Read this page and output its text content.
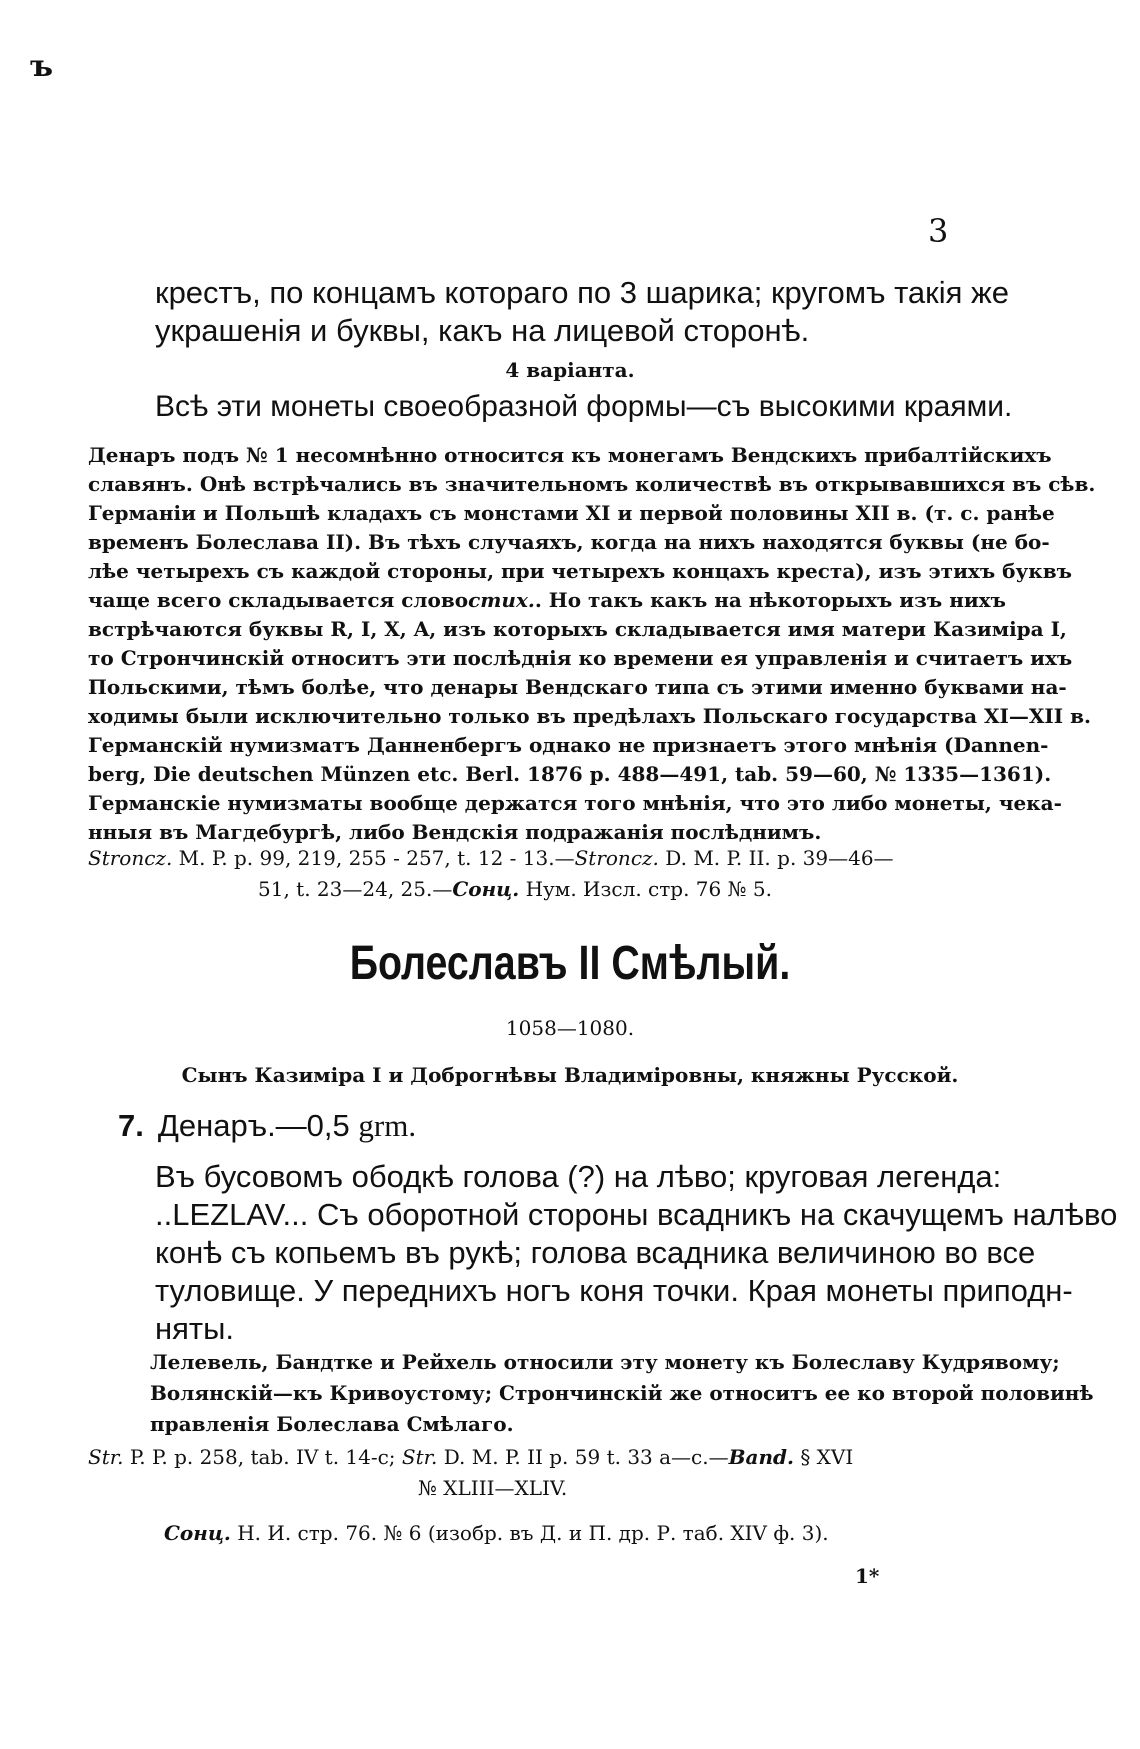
ъ
3
крестъ, по концамъ котораго по 3 шарика; кругомъ такія же
украшенія и буквы, какъ на лицевой сторонѣ.
4 варіанта.
Всѣ эти монеты своеобразной формы—съ высокими краями.
Денаръ подъ № 1 несомнѣнно относится къ монегамъ Вендскихъ прибалтійскихъ
славянъ. Онѣ встрѣчались въ значительномъ количествѣ въ открывавшихся въ сѣв.
Германіи и Польшѣ кладахъ съ монстами XI и первой половины XII в. (т. с. ранѣе
временъ Болеслава II). Въ тѣхъ случаяхъ, когда на нихъ находятся буквы (не бо-
лѣе четырехъ съ каждой стороны, при четырехъ концахъ креста), изъ этихъ буквъ
чаще всего складывается слово стих.. Но такъ какъ на нѣкоторыхъ изъ нихъ
встрѣчаются буквы R, I, X, A, изъ которыхъ складывается имя матери Казиміра I,
то Стрончинскій относитъ эти послѣднія ко времени ея управленія и считаетъ ихъ
Польскими, тѣмъ болѣе, что денары Вендскаго типа съ этими именно буквами на-
ходимы были исключительно только въ предѣлахъ Польскаго государства XI—XII в.
Германскій нумизматъ Данненбергъ однако не признаетъ этого мнѣнія (Dannen-
berg, Die deutschen Münzen etc. Berl. 1876 p. 488—491, tab. 59—60, № 1335—1361).
Германскіе нумизматы вообще держатся того мнѣнія, что это либо монеты, чека-
нныя въ Магдебургѣ, либо Вендскія подражанія послѣднимъ.
Stroncz. M. P. p. 99, 219, 255 - 257, t. 12 - 13.—Stroncz. D. M. P. II. p. 39—46—
51, t. 23—24, 25.—Сонц. Нум. Изсл. стр. 76 № 5.
Болеславъ II Смѣлый.
1058—1080.
Сынъ Казиміра I и Доброгнѣвы Владиміровны, княжны Русской.
7. Денаръ.—0,5 grm.
Въ бусовомъ ободкѣ голова (?) на лѣво; круговая легенда:
..LEZLAV... Съ оборотной стороны всадникъ на скачущемъ налѣво
конѣ съ копьемъ въ рукѣ; голова всадника величиною во все
туловище. У переднихъ ногъ коня точки. Края монеты приподн-
няты.
Лелевель, Бандтке и Рейхель относили эту монету къ Болеславу Кудрявому;
Волянскій—къ Кривоустому; Стрончинскій же относитъ ее ко второй половинѣ
правленія Болеслава Смѣлаго.
Str. P. P. p. 258, tab. IV t. 14-c; Str. D. M. P. II p. 59 t. 33 a—c.—Band. § XVI
№ XLIII—XLIV.
Сонц. Н. И. стр. 76. № 6 (изобр. въ Д. и П. др. Р. таб. XIV ф. 3).
1*
